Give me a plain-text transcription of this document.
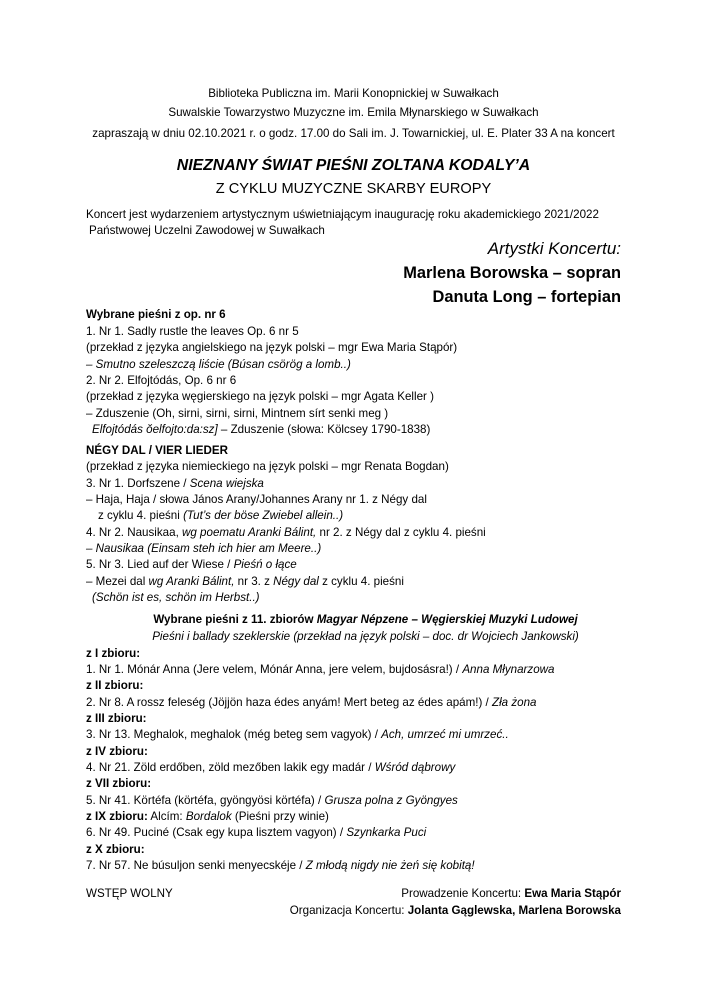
Biblioteka Publiczna im. Marii Konopnickiej w Suwałkach
Suwalskie Towarzystwo Muzyczne im. Emila Młynarskiego w Suwałkach
zapraszają w dniu 02.10.2021 r. o godz. 17.00 do Sali im. J. Towarnickiej, ul. E. Plater 33 A na koncert
NIEZNANY ŚWIAT PIEŚNI ZOLTANA KODALY’A
Z CYKLU MUZYCZNE SKARBY EUROPY
Koncert jest wydarzeniem artystycznym uświetniającym inaugurację roku akademickiego 2021/2022
Państwowej Uczelni Zawodowej w Suwałkach
Artystki Koncertu:
Marlena Borowska – sopran
Danuta Long – fortepian
Wybrane pieśni z op. nr 6
1. Nr 1. Sadly rustle the leaves Op. 6 nr 5
(przekład z języka angielskiego na język polski – mgr Ewa Maria Stąpór)
– Smutno szeleszczą liście (Búsan csörög a lomb..)
2. Nr 2. Elfojtódás, Op. 6 nr 6
(przekład z języka węgierskiego na język polski – mgr Agata Keller )
– Zduszenie (Oh, sirni, sirni, sirni, Mintnem sírt senki meg )
Elfojtódás ŏelfojto:da:sz] – Zduszenie (słowa: Kölcsey 1790-1838)
NÉGY DAL / VIER LIEDER
(przekład z języka niemieckiego na język polski – mgr Renata Bogdan)
3. Nr 1. Dorfszene / Scena wiejska
– Haja, Haja / słowa János Arany/Johannes Arany nr 1. z Négy dal
z cyklu 4. pieśni (Tut’s der böse Zwiebel allein..)
4. Nr 2. Nausikaa, wg poematu Aranki Bálint, nr 2. z Négy dal z cyklu 4. pieśni
– Nausikaa (Einsam steh ich hier am Meere..)
5. Nr 3. Lied auf der Wiese / Pieśń o łące
– Mezei dal wg Aranki Bálint, nr 3. z Négy dal z cyklu 4. pieśni
(Schön ist es, schön im Herbst..)
Wybrane pieśni z 11. zbiorów Magyar Népzene – Węgierskiej Muzyki Ludowej
Pieśni i ballady szeklerskie (przekład na język polski – doc. dr Wojciech Jankowski)
z I zbioru:
1. Nr 1. Mónár Anna (Jere velem, Mónár Anna, jere velem, bujdosásra!) / Anna Młynarzowa
z II zbioru:
2. Nr 8. A rossz feleség (Jöjjön haza édes anyám! Mert beteg az édes apám!) / Zła żona
z III zbioru:
3. Nr 13. Meghalok, meghalok (még beteg sem vagyok) / Ach, umrzeć mi umrzeć..
z IV zbioru:
4. Nr 21. Zöld erdőben, zöld mezőben lakik egy madár / Wśród dąbrowy
z VII zbioru:
5. Nr 41. Körtéfa (körtéfa, gyöngyösi körtéfa) / Grusza polna z Gyöngyes
z IX zbioru: Alcím: Bordalok (Pieśni przy winie)
6. Nr 49. Puciné (Csak egy kupa lisztem vagyon) / Szynkarka Puci
z X zbioru:
7. Nr 57. Ne búsuljon senki menyecskéje / Z młodą nigdy nie żeń się kobitą!
WSTĘP WOLNY	Prowadzenie Koncertu: Ewa Maria Stąpór
Organizacja Koncertu: Jolanta Gąglewska, Marlena Borowska
